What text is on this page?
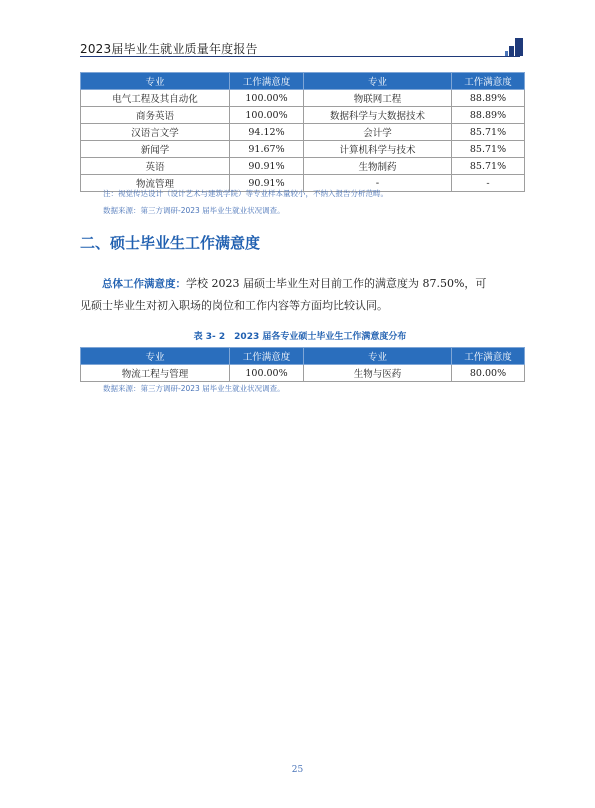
2023届毕业生就业质量年度报告
专业	工作满意度	专业	工作满意度
电气工程及其自动化	100.00%	物联网工程	88.89%
商务英语	100.00%	数据科学与大数据技术	88.89%
汉语言文学	94.12%	会计学	85.71%
新闻学	91.67%	计算机科学与技术	85.71%
英语	90.91%	生物制药	85.71%
物流管理	90.91%	-	-
注：视觉传达设计（设计艺术与建筑学院）等专业样本量较小，不纳入报告分析范畴。
数据来源：第三方调研-2023 届毕业生就业状况调查。
二、硕士毕业生工作满意度
总体工作满意度：学校 2023 届硕士毕业生对目前工作的满意度为 87.50%，可
见硕士毕业生对初入职场的岗位和工作内容等方面均比较认同。
表 3- 2　2023 届各专业硕士毕业生工作满意度分布
专业	工作满意度	专业	工作满意度
物流工程与管理	100.00%	生物与医药	80.00%
数据来源：第三方调研-2023 届毕业生就业状况调查。
25
